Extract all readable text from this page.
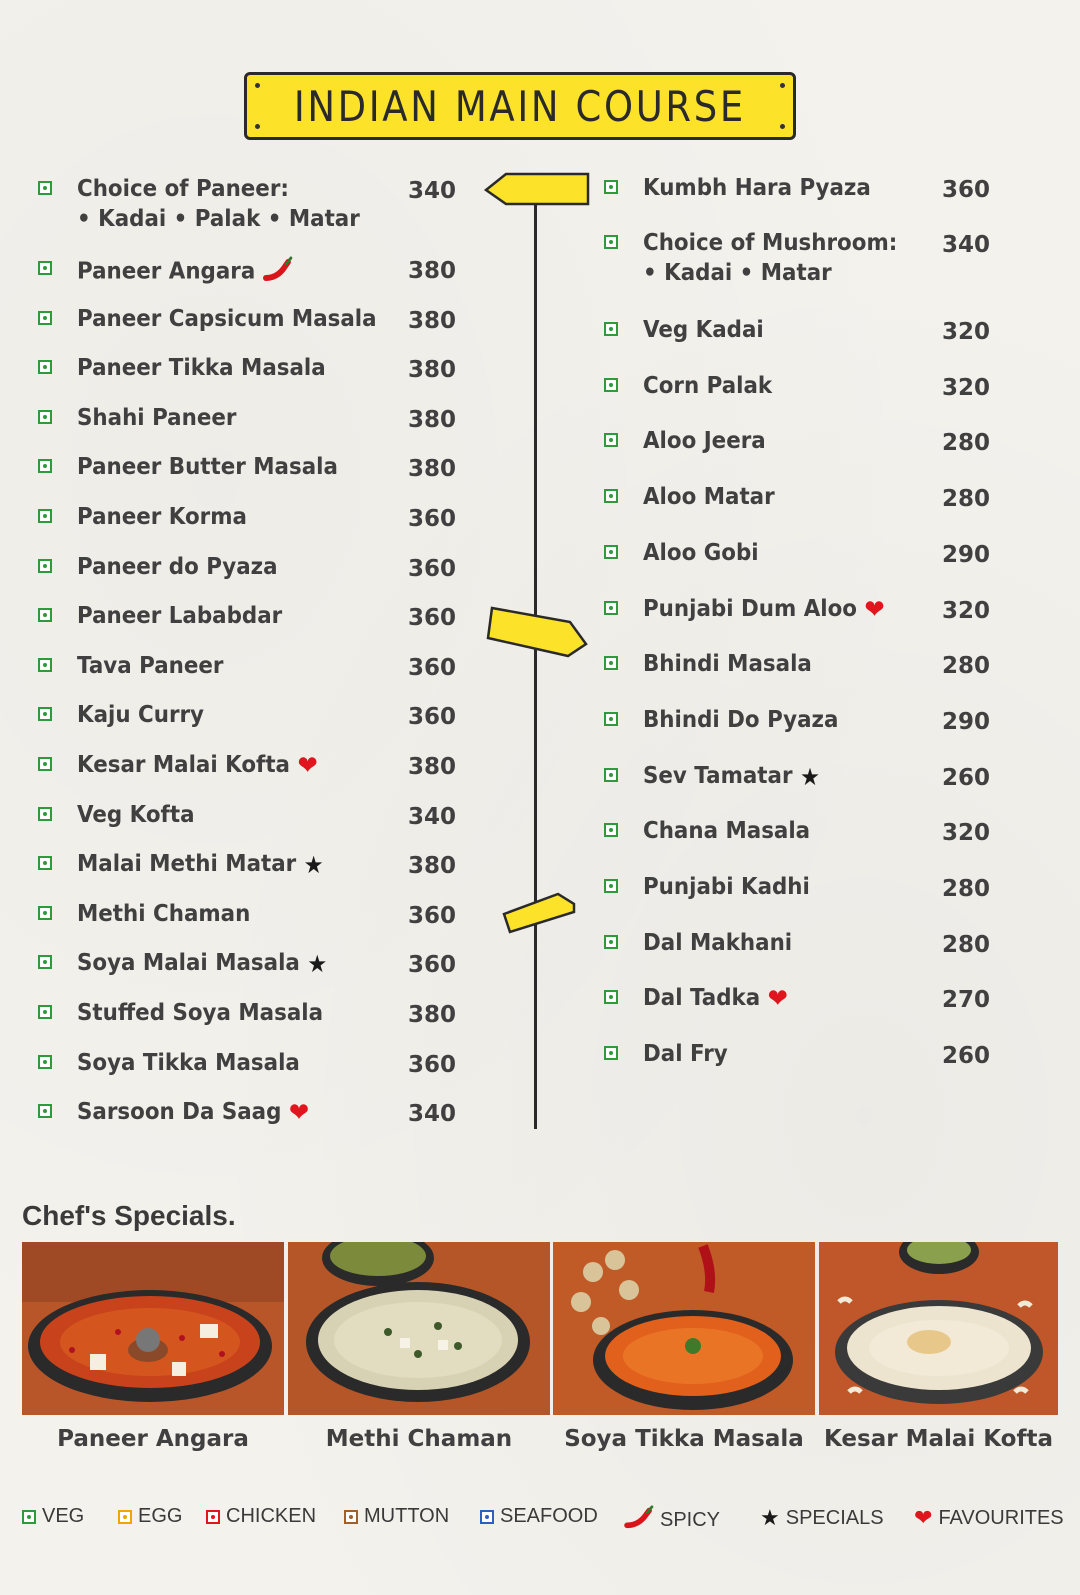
INDIAN MAIN COURSE
Choice of Paneer:
• Kadai • Palak • Matar
340
Paneer Angara	380
Paneer Capsicum Masala 380
Paneer Tikka Masala	380
Shahi Paneer	380
Paneer Butter Masala	380
Paneer Korma	360
Paneer do Pyaza	360
Paneer Lababdar	360
Tava Paneer	360
Kaju Curry	360
Kesar Malai Kofta ❤	380
Veg Kofta	340
Malai Methi Matar ★	380
Methi Chaman	360
Soya Malai Masala ★	360
Stuffed Soya Masala	380
Soya Tikka Masala	360
Sarsoon Da Saag ❤	340
Kumbh Hara Pyaza	360
Choice of Mushroom:
• Kadai • Matar
340
Veg Kadai	320
Corn Palak	320
Aloo Jeera	280
Aloo Matar	280
Aloo Gobi	290
Punjabi Dum Aloo ❤ 320
Bhindi Masala	280
Bhindi Do Pyaza	290
Sev Tamatar ★	260
Chana Masala	320
Punjabi Kadhi	280
Dal Makhani	280
Dal Tadka ❤	270
Dal Fry	260
Chef's Specials.
Paneer Angara	Methi Chaman	Soya Tikka Masala Kesar Malai Kofta
VEG	EGG CHICKEN MUTTON	SEAFOOD	SPICY ★ SPECIALS ❤ FAVOURITES
